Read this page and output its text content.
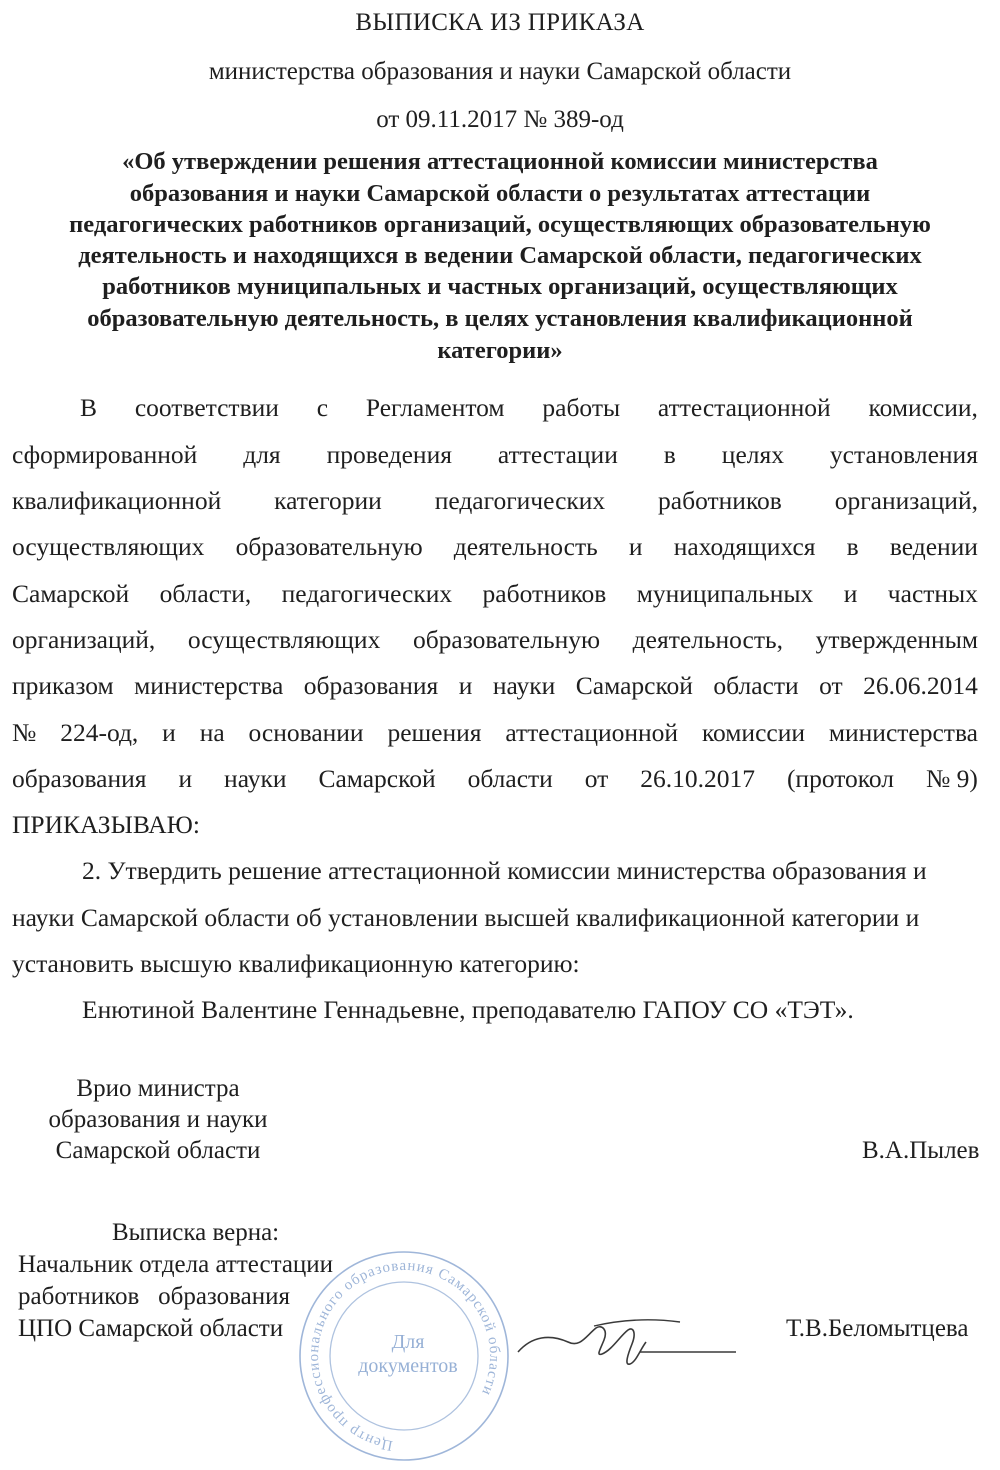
ВЫПИСКА ИЗ ПРИКАЗА
министерства образования и науки Самарской области
от 09.11.2017 № 389-од
«Об утверждении решения аттестационной комиссии министерства
образования и науки Самарской области о результатах аттестации
педагогических работников организаций, осуществляющих образовательную
деятельность и находящихся в ведении Самарской области, педагогических
работников муниципальных и частных организаций, осуществляющих
образовательную деятельность, в целях установления квалификационной
категории»
В соответствии с Регламентом работы аттестационной комиссии,
сформированной для проведения аттестации в целях установления
квалификационной категории педагогических работников организаций,
осуществляющих образовательную деятельность и находящихся в ведении
Самарской области, педагогических работников муниципальных и частных
организаций, осуществляющих образовательную деятельность, утвержденным
приказом министерства образования и науки Самарской области от 26.06.2014
№ 224-од, и на основании решения аттестационной комиссии министерства
образования и науки Самарской области от 26.10.2017 (протокол № 9)
ПРИКАЗЫВАЮ:
2. Утвердить решение аттестационной комиссии министерства образования и
науки Самарской области об установлении высшей квалификационной категории и
установить высшую квалификационную категорию:
Енютиной Валентине Геннадьевне, преподавателю ГАПОУ СО «ТЭТ».
Врио министра
образования и науки
Самарской области	В.А.Пылев
Выписка верна:
Начальник отдела аттестации
работников   образования
ЦПО Самарской области	Т.В.Беломытцева
Центр профессионального образования Самарской области
Для
документов
